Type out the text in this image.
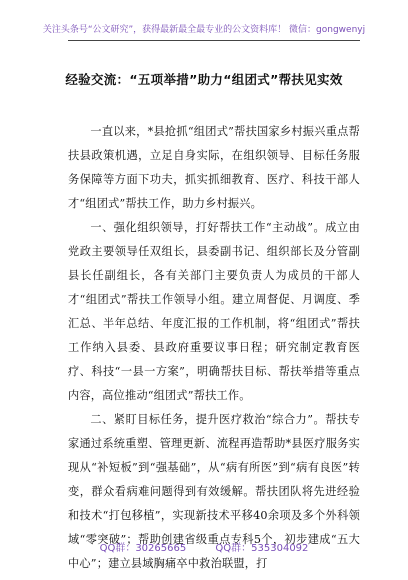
关注头条号“公文研究”，获得最新最全最专业的公文资料库！ 微信：gongwenyj
经验交流：“五项举措”助力“组团式”帮扶见实效

一直以来，*县抢抓“组团式”帮扶国家乡村振兴重点帮扶县政策机遇，立足自身实际，在组织领导、目标任务服务保障等方面下功夫，抓实抓细教育、医疗、科技干部人才“组团式”帮扶工作，助力乡村振兴。

一、强化组织领导，打好帮扶工作“主动战”。成立由党政主要领导任双组长，县委副书记、组织部长及分管副县长任副组长，各有关部门主要负责人为成员的干部人才“组团式”帮扶工作领导小组。建立周督促、月调度、季汇总、半年总结、年度汇报的工作机制，将“组团式”帮扶工作纳入县委、县政府重要议事日程；研究制定教育医疗、科技“一县一方案”，明确帮扶目标、帮扶举措等重点内容，高位推动“组团式”帮扶工作。

二、紧盯目标任务，提升医疗救治“综合力”。帮扶专家通过系统重塑、管理更新、流程再造帮助*县医疗服务实现从“补短板”到“强基础”，从“病有所医”到“病有良医”转变，群众看病难问题得到有效缓解。帮扶团队将先进经验和技术“打包移植”，实现新技术平移40余项及多个外科领域“零突破”；帮助创建省级重点专科5个，初步建成“五大中心”；建立县域胸痛卒中救治联盟，打

QQ群：30265665	QQ群：535304092
